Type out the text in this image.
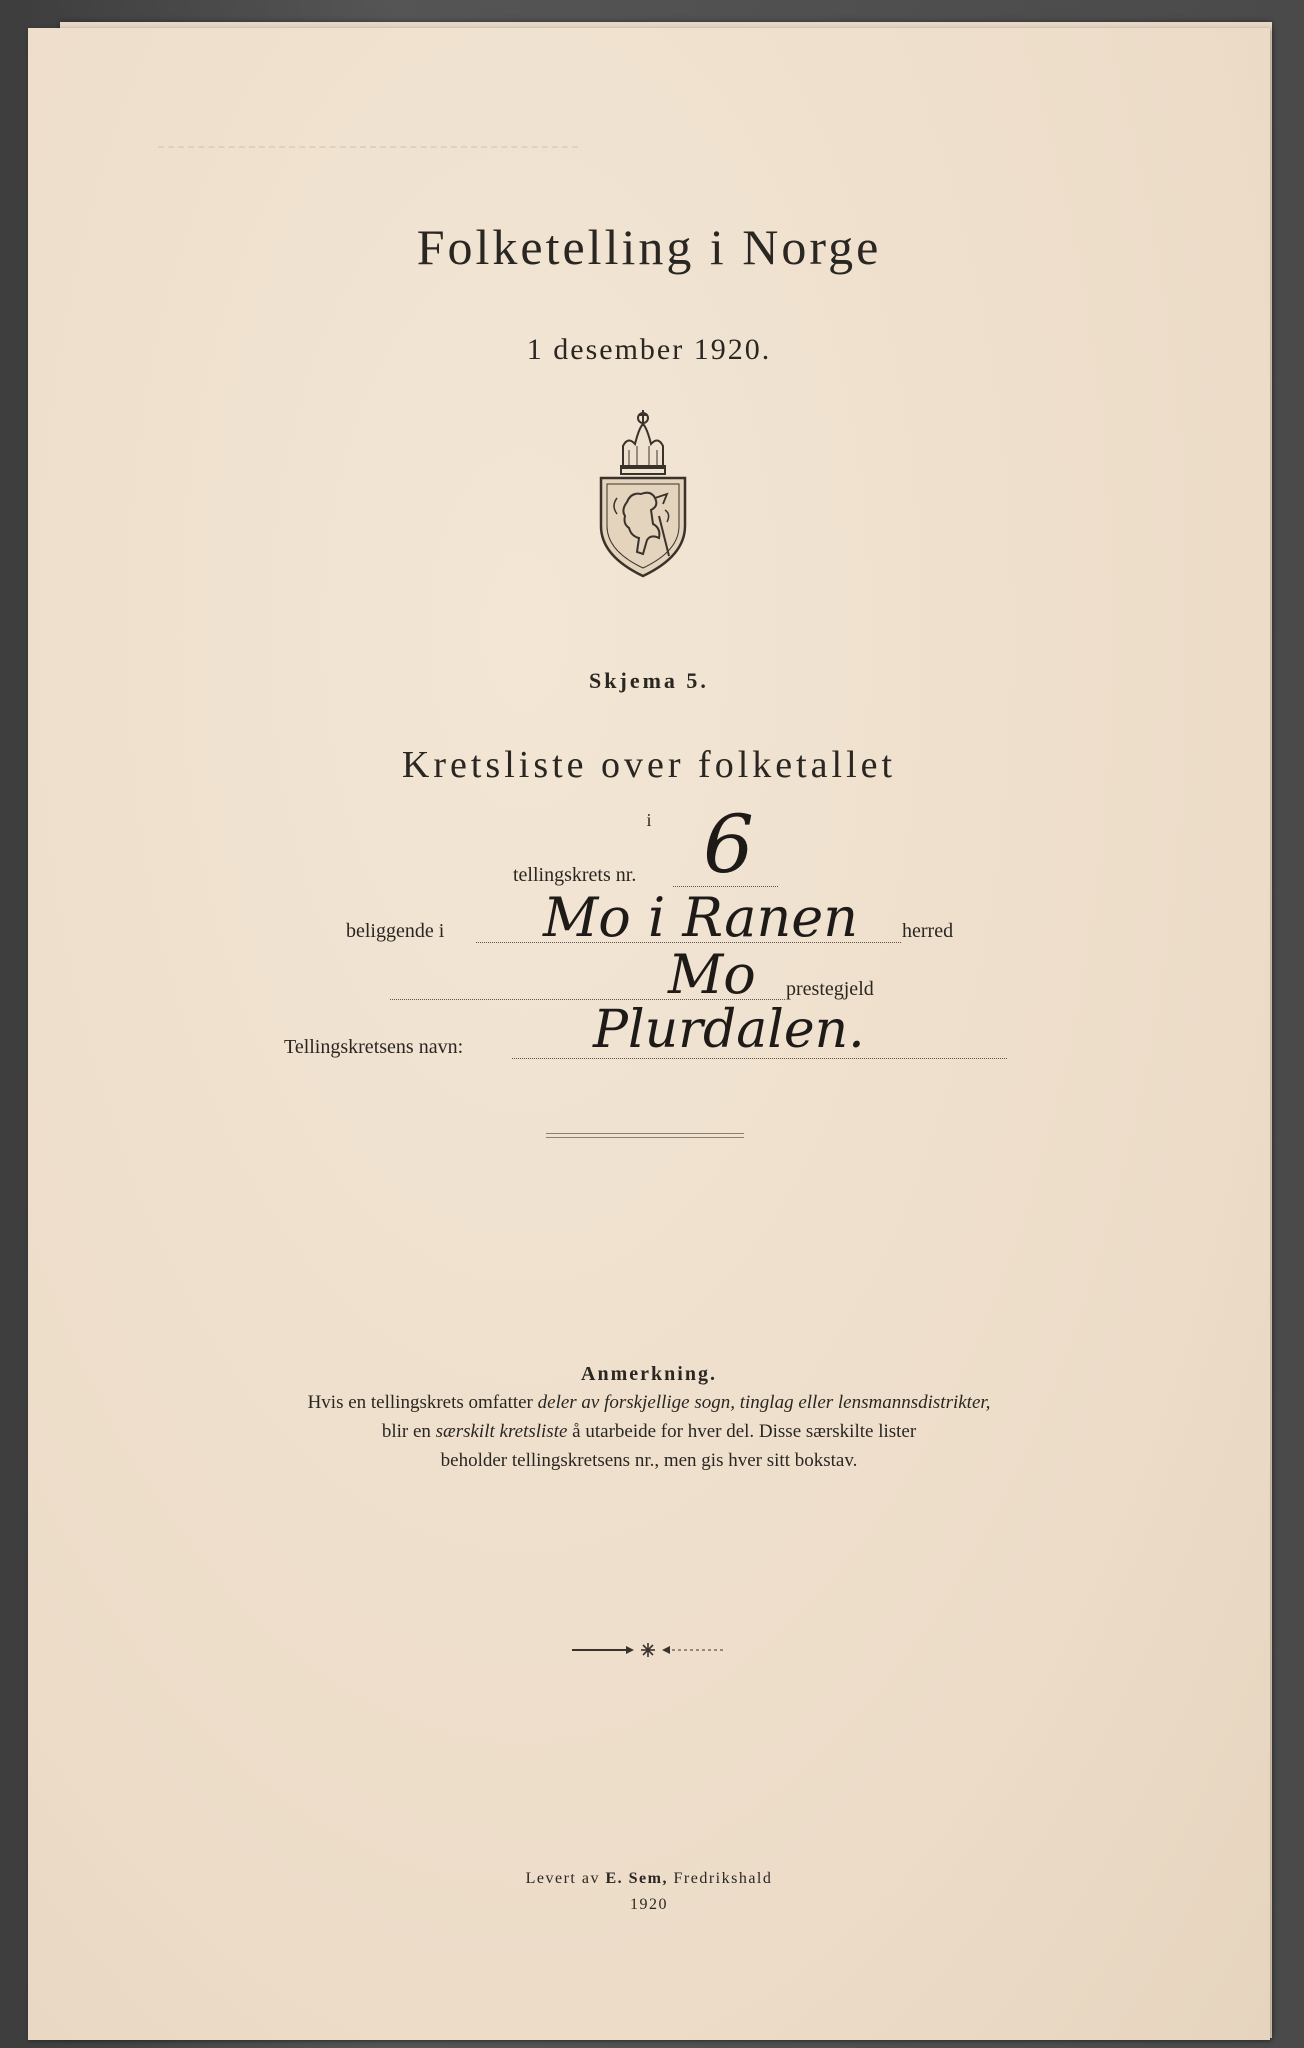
Folketelling i Norge
1 desember 1920.
Skjema 5.
Kretsliste over folketallet
i
tellingskrets nr. 6
beliggende i Mo i Ranen herred
Mo prestegjeld
Tellingskretsens navn: Plurdalen.
Anmerkning.
Hvis en tellingskrets omfatter deler av forskjellige sogn, tinglag eller lensmannsdistrikter,
blir en særskilt kretsliste å utarbeide for hver del. Disse særskilte lister
beholder tellingskretsens nr., men gis hver sitt bokstav.
Levert av E. Sem, Fredrikshald
1920
